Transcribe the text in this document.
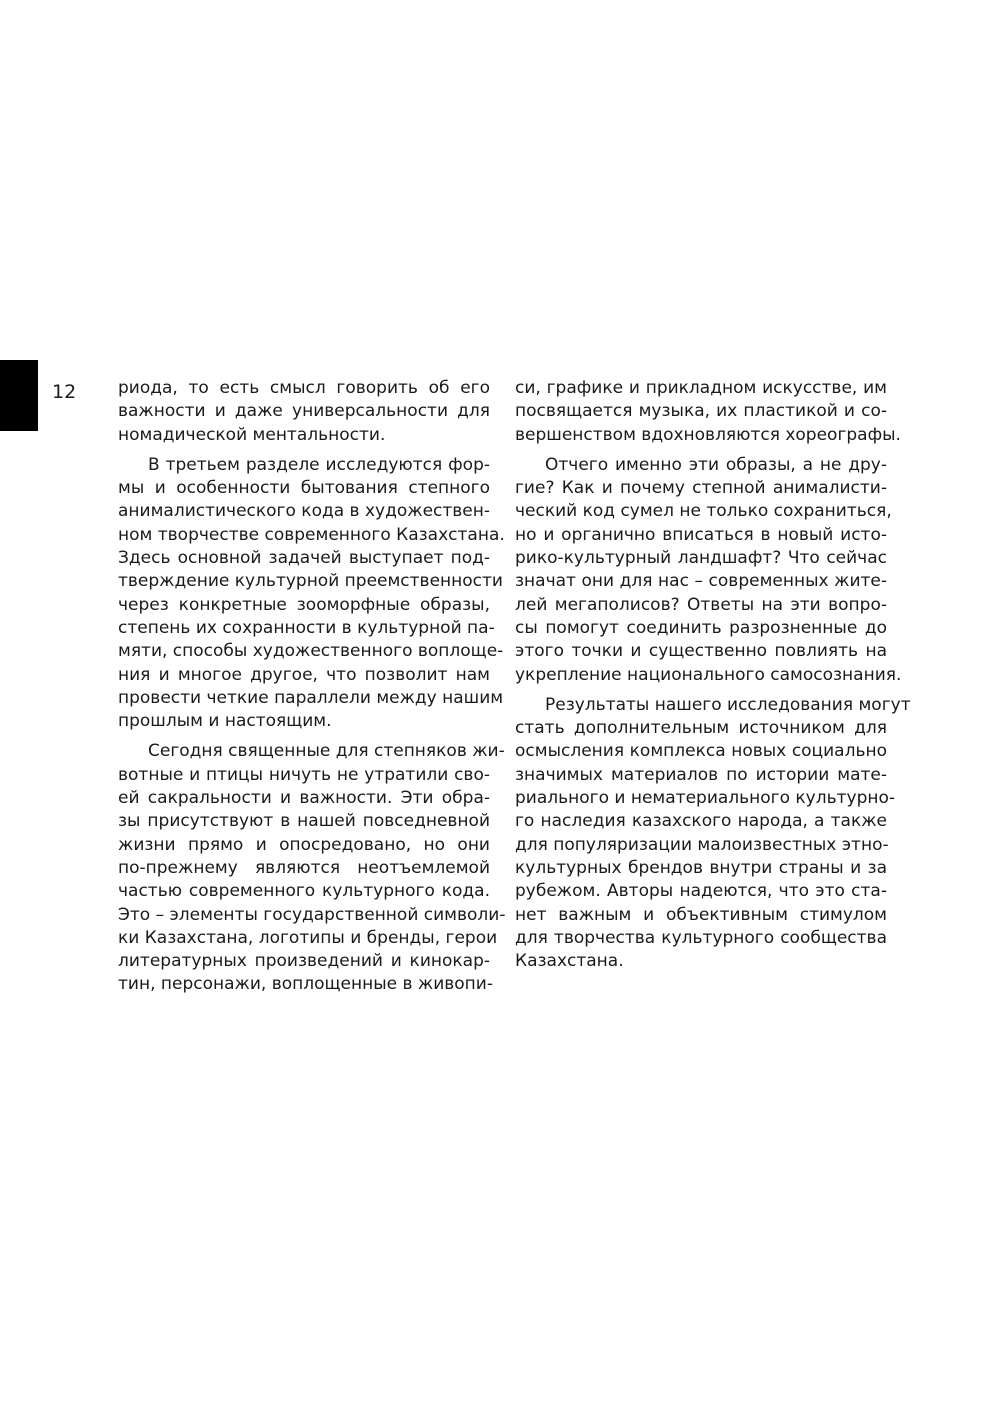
12 риода, то есть смысл говорить об его
важности и даже универсальности для
номадической ментальности.
В третьем разделе исследуются фор-
мы и особенности бытования степного
анималистического кода в художествен-
ном творчестве современного Казахстана.
Здесь основной задачей выступает под-
тверждение культурной преемственности
через конкретные зооморфные образы,
степень их сохранности в культурной па-
мяти, способы художественного воплоще-
ния и многое другое, что позволит нам
провести четкие параллели между нашим
прошлым и настоящим.
Сегодня священные для степняков жи-
вотные и птицы ничуть не утратили сво-
ей сакральности и важности. Эти обра-
зы присутствуют в нашей повседневной
жизни прямо и опосредовано, но они
по-прежнему являются неотъемлемой
частью современного культурного кода.
Это – элементы государственной символи-
ки Казахстана, логотипы и бренды, герои
литературных произведений и кинокар-
тин, персонажи, воплощенные в живопи-
си, графике и прикладном искусстве, им
посвящается музыка, их пластикой и со-
вершенством вдохновляются хореографы.
Отчего именно эти образы, а не дру-
гие? Как и почему степной анималисти-
ческий код сумел не только сохраниться,
но и органично вписаться в новый исто-
рико-культурный ландшафт? Что сейчас
значат они для нас – современных жите-
лей мегаполисов? Ответы на эти вопро-
сы помогут соединить разрозненные до
этого точки и существенно повлиять на
укрепление национального самосознания.
Результаты нашего исследования могут
стать дополнительным источником для
осмысления комплекса новых социально
значимых материалов по истории мате-
риального и нематериального культурно-
го наследия казахского народа, а также
для популяризации малоизвестных этно-
культурных брендов внутри страны и за
рубежом. Авторы надеются, что это ста-
нет важным и объективным стимулом
для творчества культурного сообщества
Казахстана.
